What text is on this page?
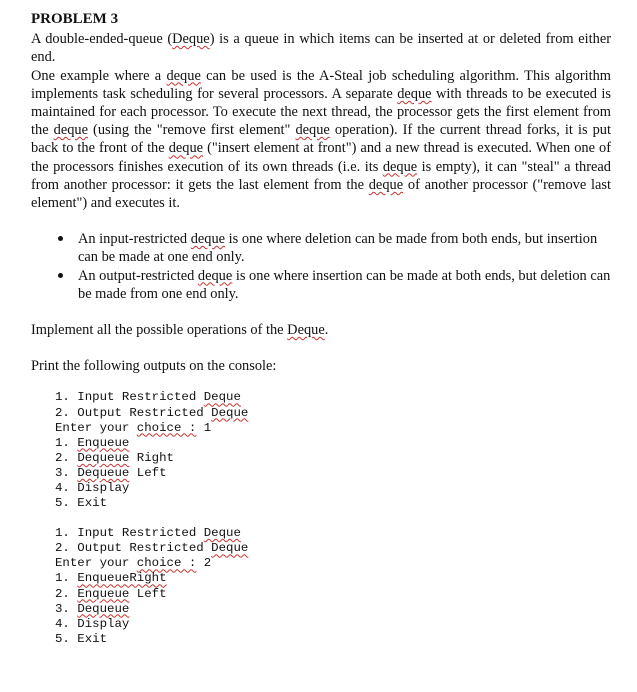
PROBLEM 3

A double-ended-queue (Deque) is a queue in which items can be inserted at or deleted from either end.

One example where a deque can be used is the A-Steal job scheduling algorithm. This algorithm implements task scheduling for several processors. A separate deque with threads to be executed is maintained for each processor. To execute the next thread, the processor gets the first element from the deque (using the "remove first element" deque operation). If the current thread forks, it is put back to the front of the deque ("insert element at front") and a new thread is executed. When one of the processors finishes execution of its own threads (i.e. its deque is empty), it can "steal" a thread from another processor: it gets the last element from the deque of another processor ("remove last element") and executes it.

An input-restricted deque is one where deletion can be made from both ends, but insertion can be made at one end only.
An output-restricted deque is one where insertion can be made at both ends, but deletion can be made from one end only.

Implement all the possible operations of the Deque.

Print the following outputs on the console:

1. Input Restricted Deque
2. Output Restricted Deque
Enter your choice : 1
1. Enqueue
2. Dequeue Right
3. Dequeue Left
4. Display
5. Exit
1. Input Restricted Deque
2. Output Restricted Deque
Enter your choice : 2
1. EnqueueRight
2. Enqueue Left
3. Dequeue
4. Display
5. Exit
